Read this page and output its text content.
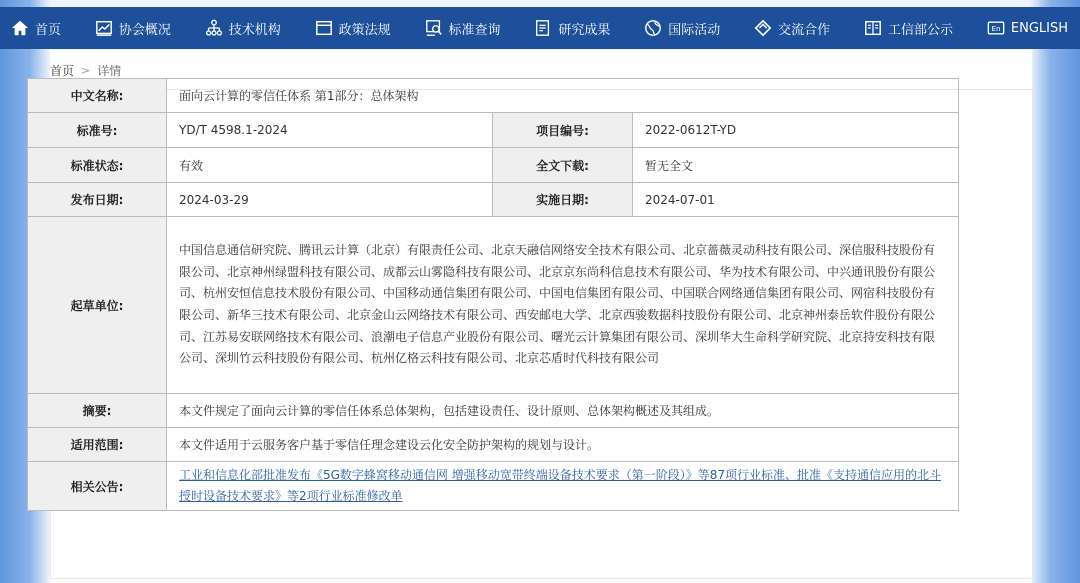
首页	协会概况	技术机构	政策法规	标准查询	研究成果	国际活动	交流合作	工信部公示	En ENGLISH
首页 > 详情
中文名称:	面向云计算的零信任体系 第1部分：总体架构		
标准号:	YD/T 4598.1-2024	项目编号:	2022-0612T-YD
标准状态:	有效	全文下载:	暂无全文
发布日期:	2024-03-29	实施日期:	2024-07-01
起草单位:	中国信息通信研究院、腾讯云计算（北京）有限责任公司、北京天融信网络安全技术有限公司、北京蔷薇灵动科技有限公司、深信服科技股份有限公司、北京神州绿盟科技有限公司、成都云山雾隐科技有限公司、北京京东尚科信息技术有限公司、华为技术有限公司、中兴通讯股份有限公司、杭州安恒信息技术股份有限公司、中国移动通信集团有限公司、中国电信集团有限公司、中国联合网络通信集团有限公司、网宿科技股份有限公司、新华三技术有限公司、北京金山云网络技术有限公司、西安邮电大学、北京西骏数据科技股份有限公司、北京神州泰岳软件股份有限公司、江苏易安联网络技术有限公司、浪潮电子信息产业股份有限公司、曙光云计算集团有限公司、深圳华大生命科学研究院、北京持安科技有限公司、深圳竹云科技股份有限公司、杭州亿格云科技有限公司、北京芯盾时代科技有限公司		
摘要:	本文件规定了面向云计算的零信任体系总体架构，包括建设责任、设计原则、总体架构概述及其组成。		
适用范围:	本文件适用于云服务客户基于零信任理念建设云化安全防护架构的规划与设计。		
相关公告:	工业和信息化部批准发布《5G数字蜂窝移动通信网 增强移动宽带终端设备技术要求（第一阶段）》等87项行业标准、批准《支持通信应用的北斗授时设备技术要求》等2项行业标准修改单		
